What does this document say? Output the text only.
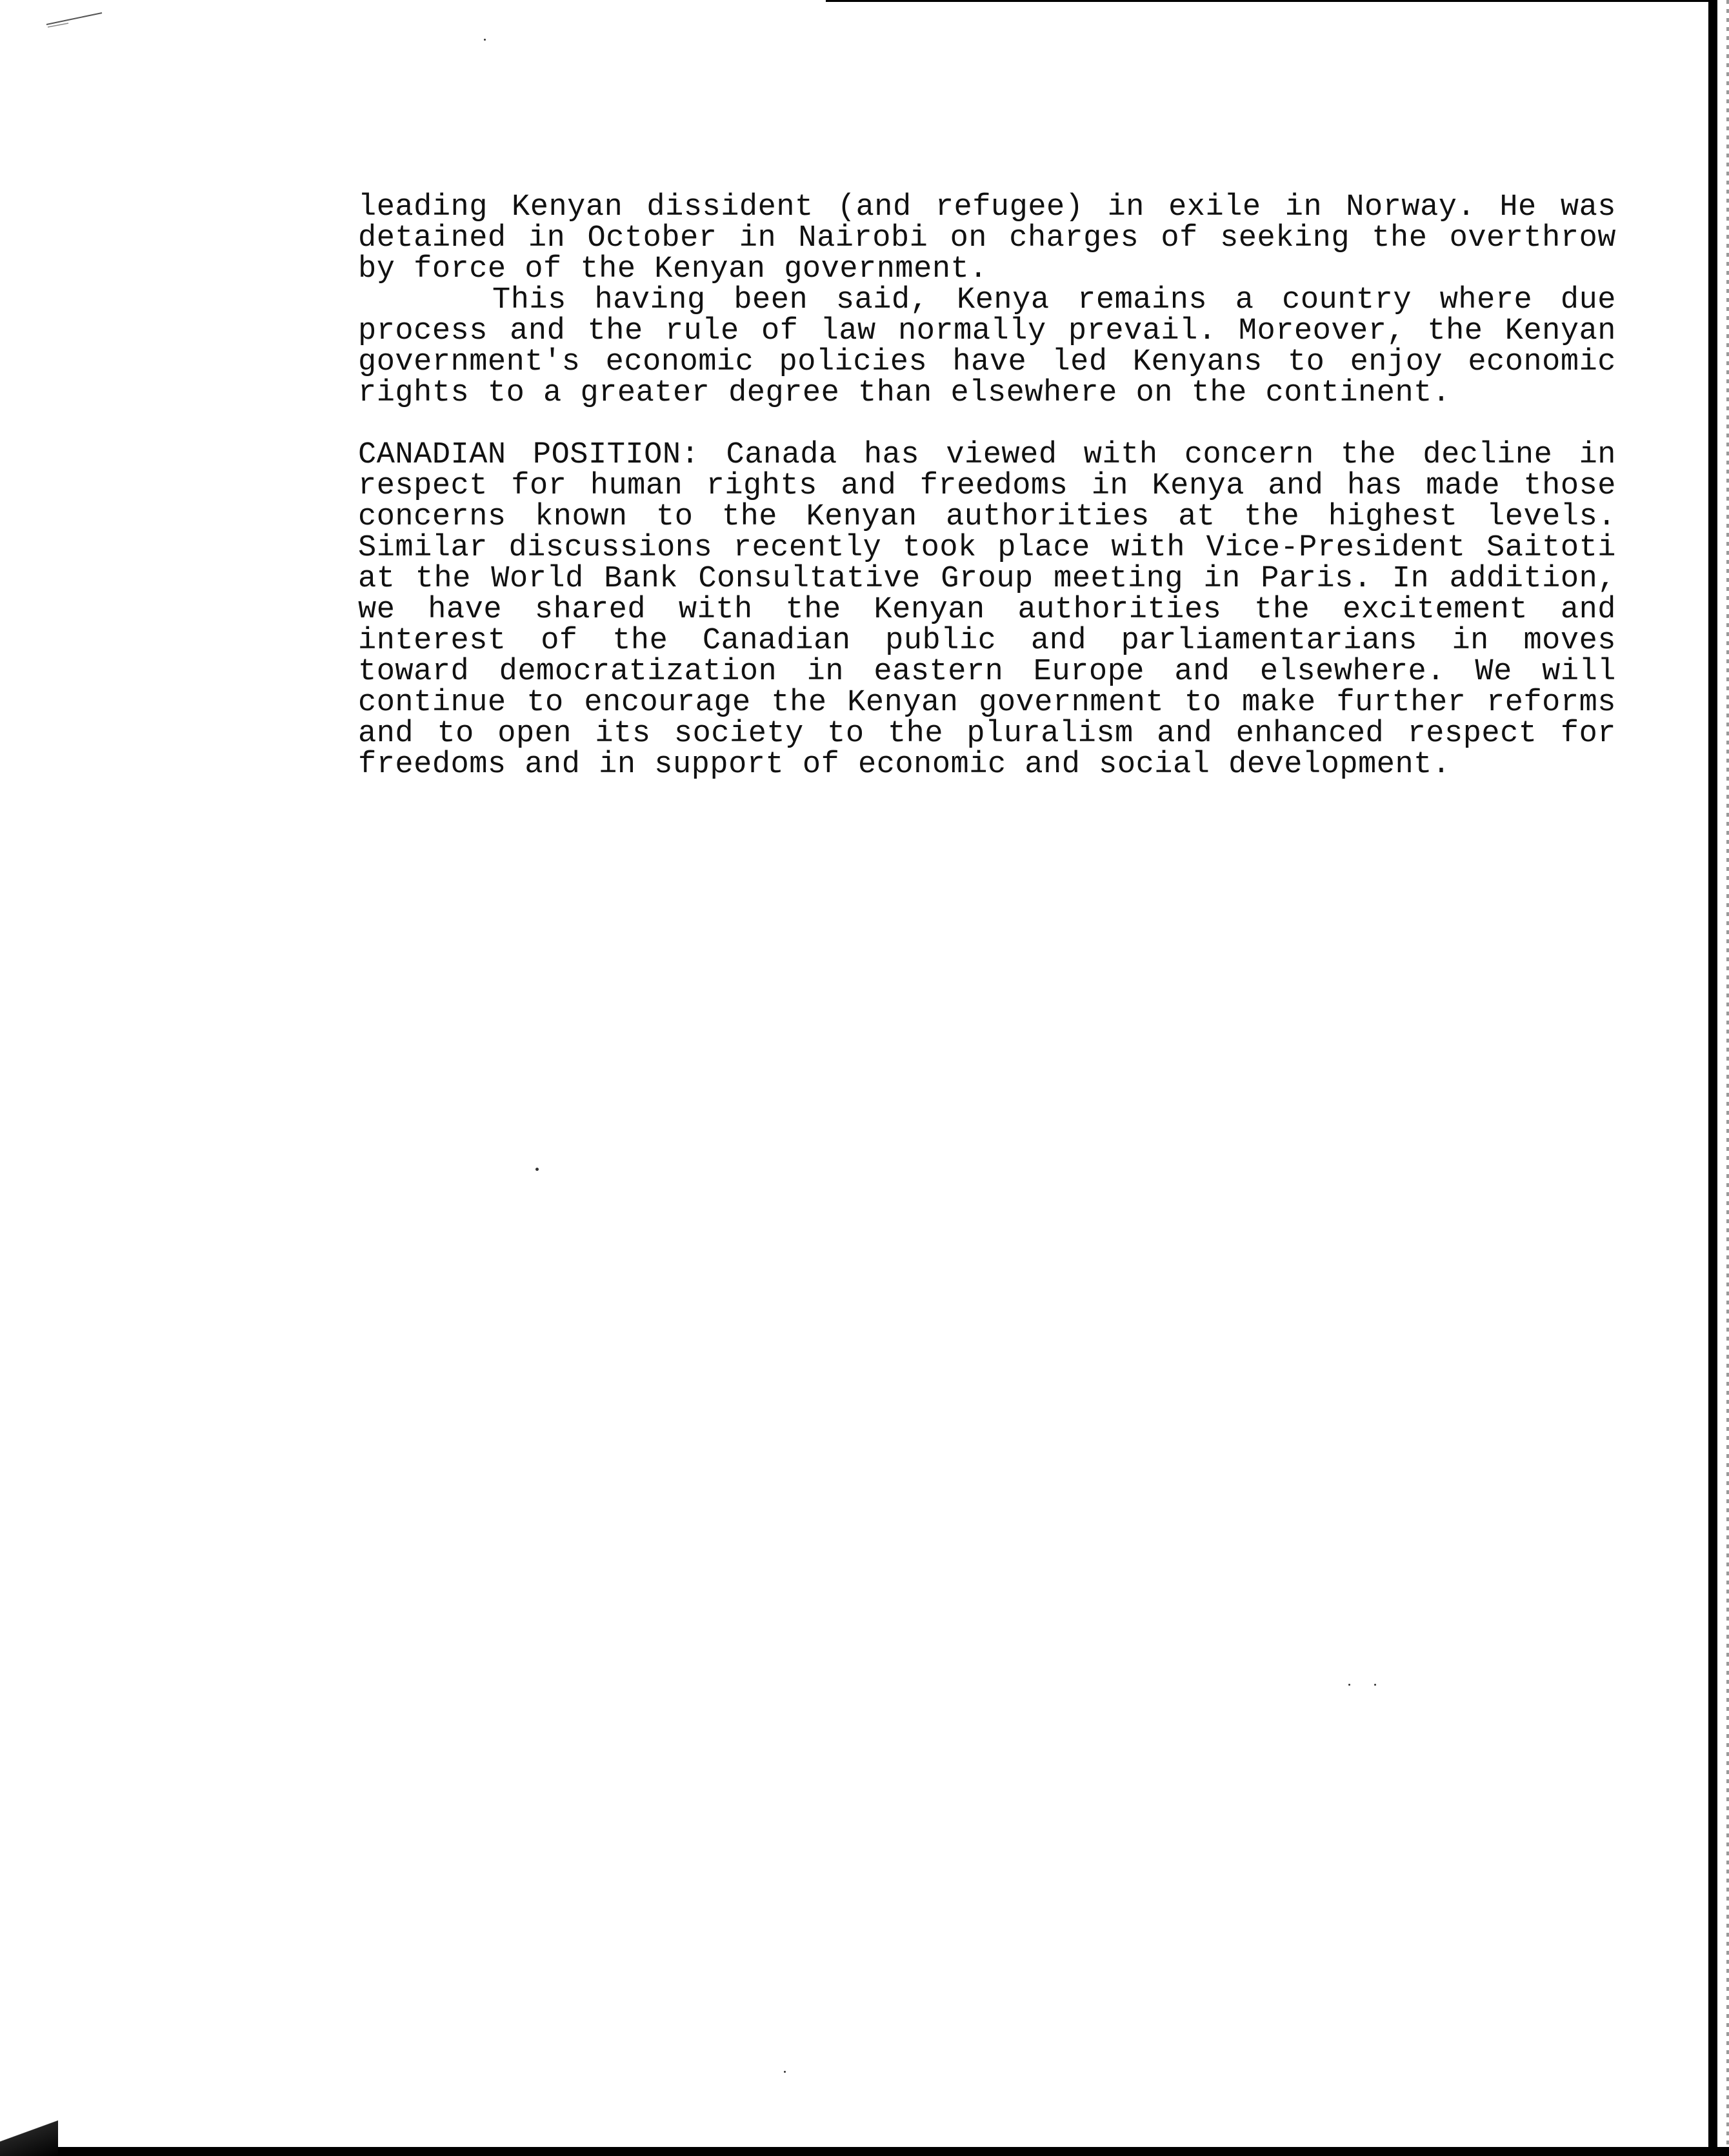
leading Kenyan dissident (and refugee) in exile in Norway. He was detained in October in Nairobi on charges of seeking the overthrow by force of the Kenyan government.

This having been said, Kenya remains a country where due process and the rule of law normally prevail. Moreover, the Kenyan government's economic policies have led Kenyans to enjoy economic rights to a greater degree than elsewhere on the continent.

CANADIAN POSITION: Canada has viewed with concern the decline in respect for human rights and freedoms in Kenya and has made those concerns known to the Kenyan authorities at the highest levels. Similar discussions recently took place with Vice-President Saitoti at the World Bank Consultative Group meeting in Paris. In addition, we have shared with the Kenyan authorities the excitement and interest of the Canadian public and parliamentarians in moves toward democratization in eastern Europe and elsewhere. We will continue to encourage the Kenyan government to make further reforms and to open its society to the pluralism and enhanced respect for freedoms and in support of economic and social development.
